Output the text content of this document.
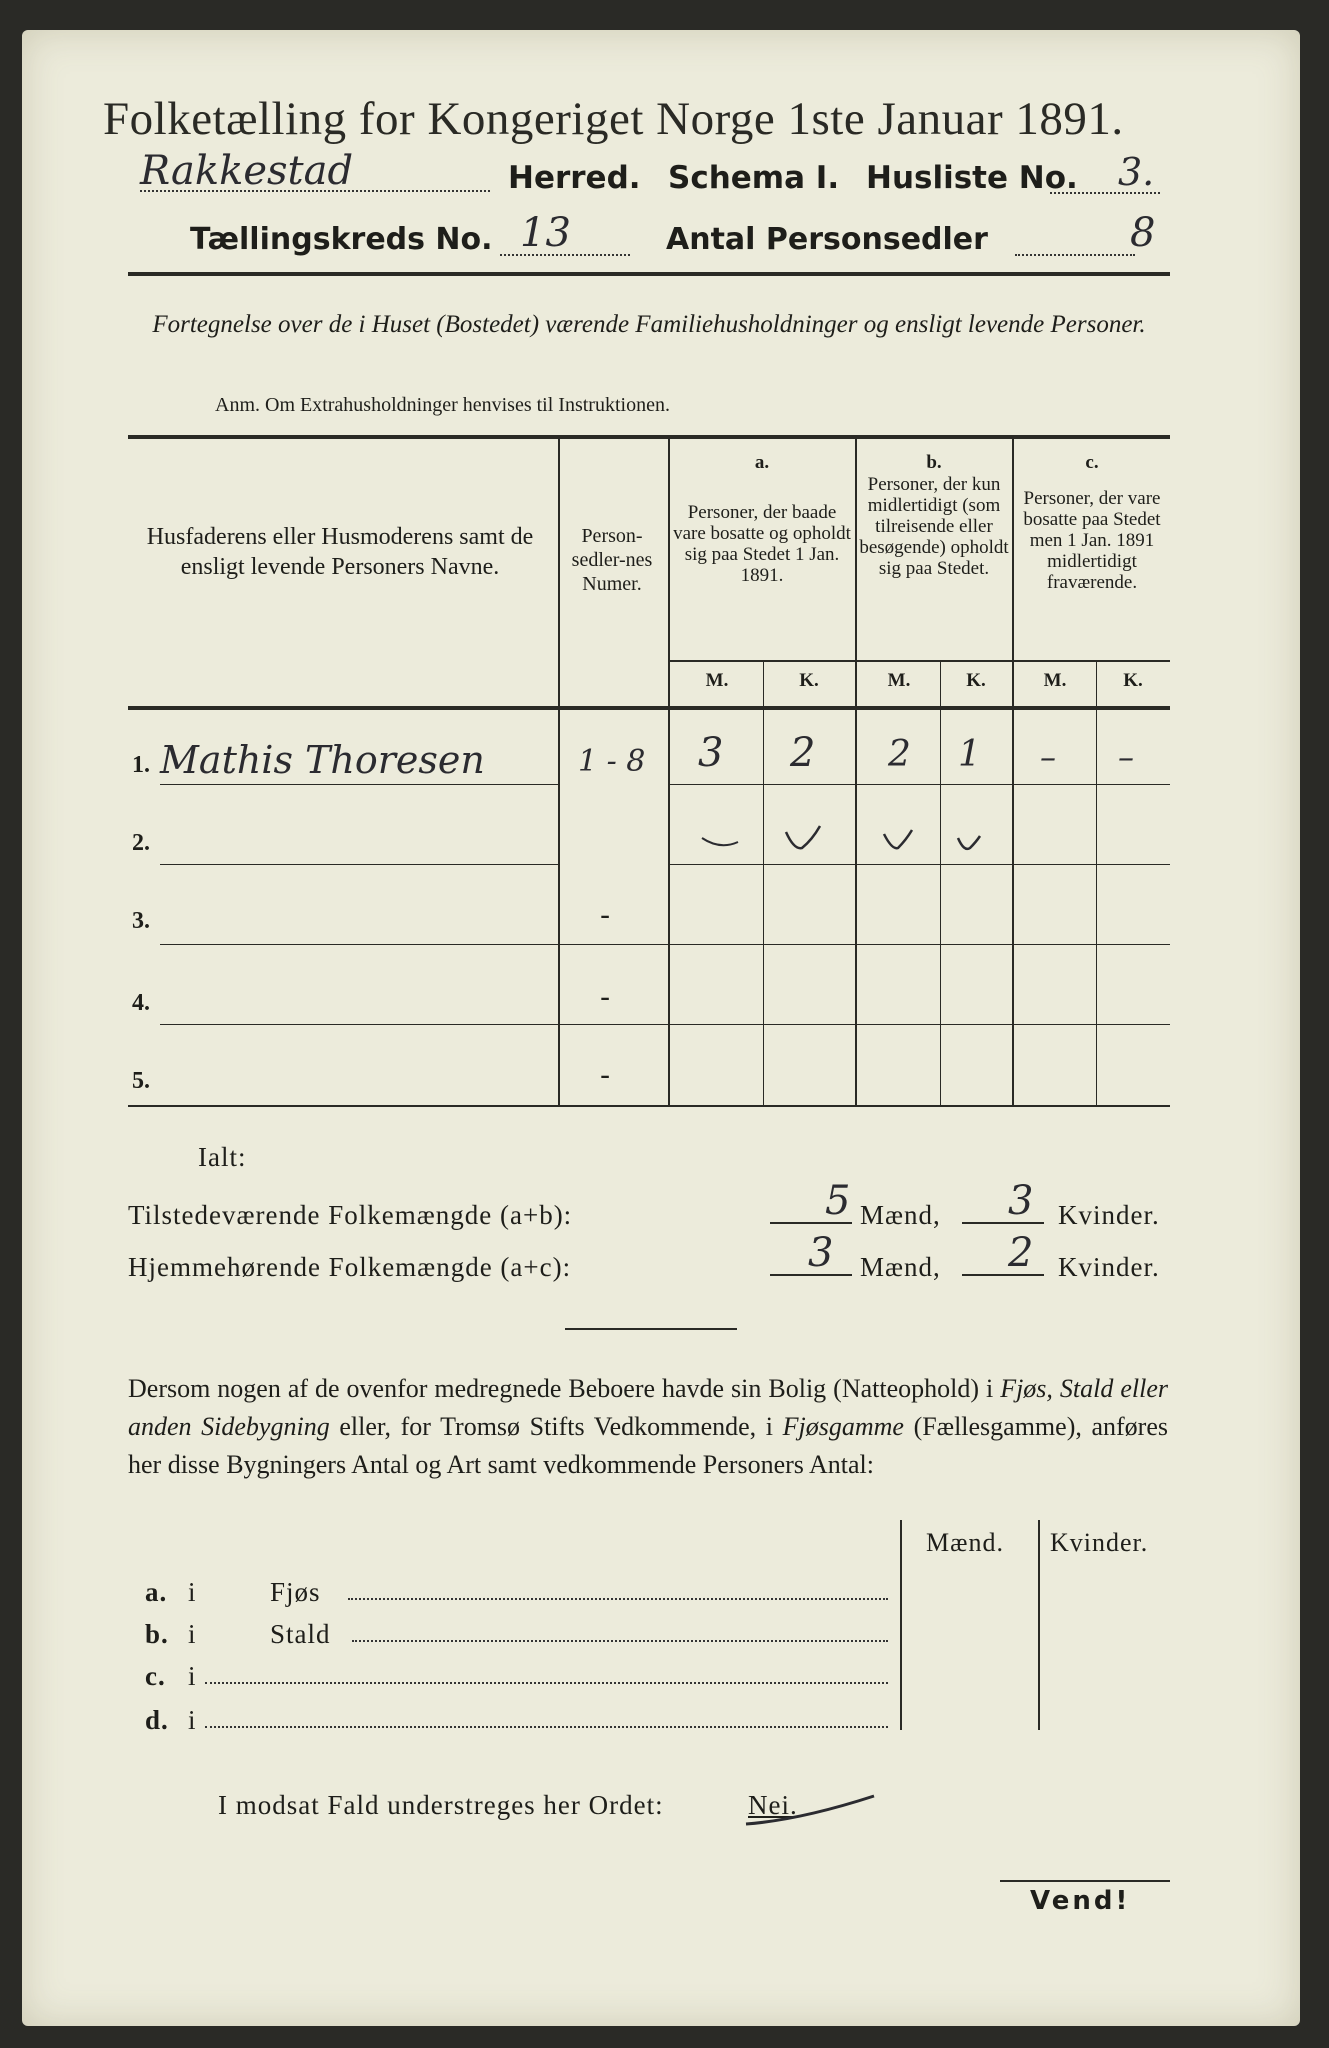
Folketælling for Kongeriget Norge 1ste Januar 1891.
Rakkestad	Herred. Schema I. Husliste No. 3.
Tællingskreds No. 13	Antal Personsedler	8
Fortegnelse over de i Huset (Bostedet) værende Familiehusholdninger og ensligt levende Personer.
Anm. Om Extrahusholdninger henvises til Instruktionen.
Husfaderens eller Husmoderens samt de ensligt levende Personers Navne.
Person-sedler-nes Numer.
a.
Personer, der baade vare bosatte og opholdt sig paa Stedet 1 Jan. 1891.
b.
Personer, der kun midlertidigt (som tilreisende eller besøgende) opholdt sig paa Stedet.
c.
Personer, der vare bosatte paa Stedet men 1 Jan. 1891 midlertidigt fraværende.
M.	K.	M.	K.	M.	K.
1. Mathis Thoresen	1 - 8 3 2 2 1 – –
2.
3.	-
4.	-
5.	-
Ialt:
Tilstedeværende Folkemængde (a+b):	5 Mænd, 3 Kvinder.
Hjemmehørende Folkemængde (a+c):	3 Mænd, 2 Kvinder.
Dersom nogen af de ovenfor medregnede Beboere havde sin Bolig (Natteophold) i Fjøs, Stald eller anden Sidebygning eller, for Tromsø Stifts Vedkommende, i Fjøsgamme (Fællesgamme), anføres her disse Bygningers Antal og Art samt vedkommende Personers Antal:
Mænd. Kvinder.
a. i	Fjøs
b. i	Stald
c. i
d. i
I modsat Fald understreges her Ordet:	Nei.
Vend!
